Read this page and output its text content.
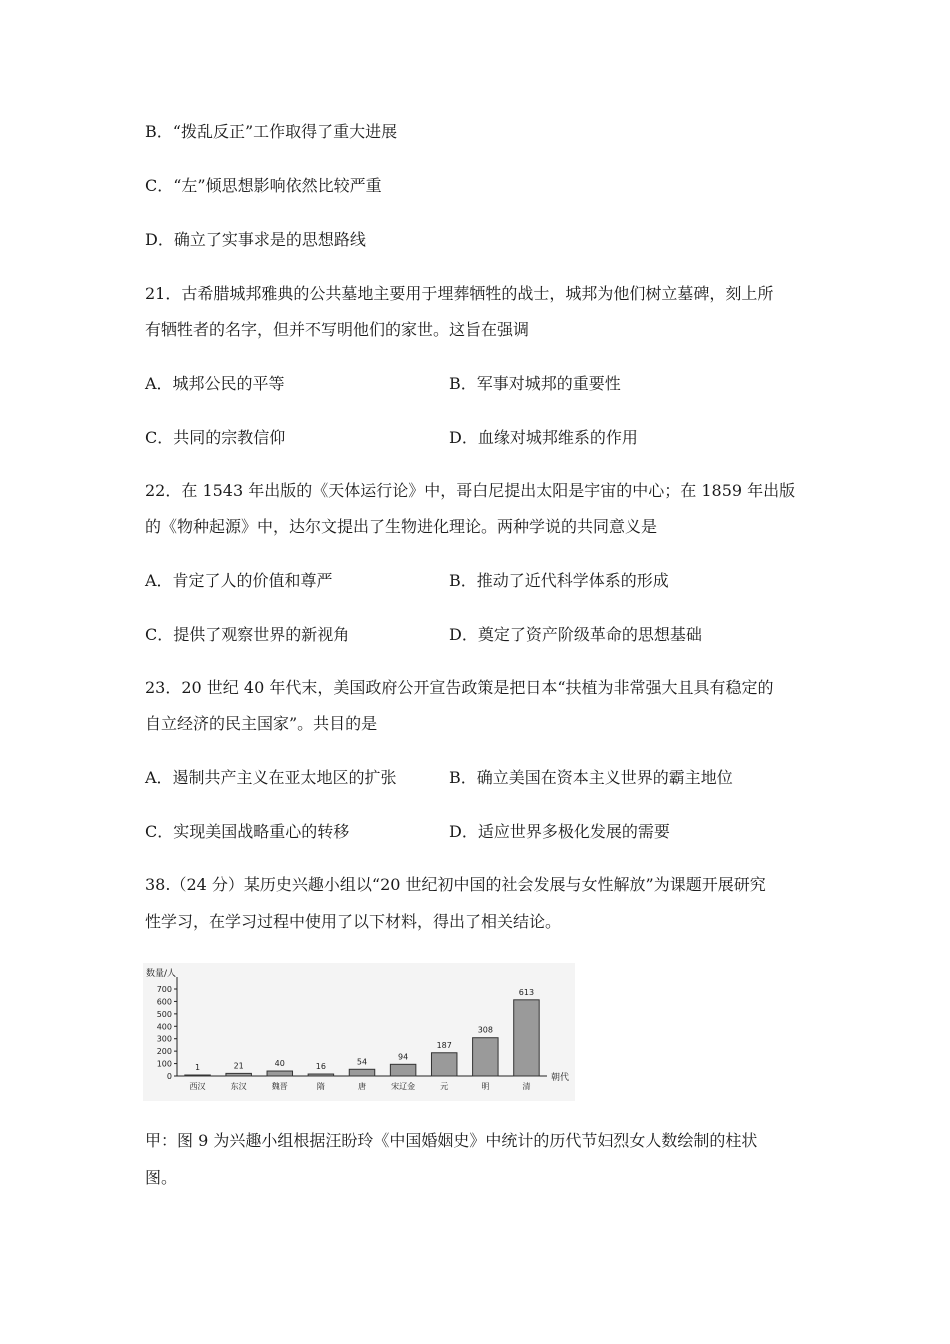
B．“拨乱反正”工作取得了重大进展
C．“左”倾思想影响依然比较严重
D．确立了实事求是的思想路线
21．古希腊城邦雅典的公共墓地主要用于埋葬牺牲的战士，城邦为他们树立墓碑，刻上所
有牺牲者的名字，但并不写明他们的家世。这旨在强调
A．城邦公民的平等	B．军事对城邦的重要性
C．共同的宗教信仰	D．血缘对城邦维系的作用
22．在 1543 年出版的《天体运行论》中，哥白尼提出太阳是宇宙的中心；在 1859 年出版
的《物种起源》中，达尔文提出了生物进化理论。两种学说的共同意义是
A．肯定了人的价值和尊严	B．推动了近代科学体系的形成
C．提供了观察世界的新视角	D．奠定了资产阶级革命的思想基础
23．20 世纪 40 年代末，美国政府公开宣告政策是把日本“扶植为非常强大且具有稳定的
自立经济的民主国家”。共目的是
A．遏制共产主义在亚太地区的扩张	B．确立美国在资本主义世界的霸主地位
C．实现美国战略重心的转移	D．适应世界多极化发展的需要
38.（24 分）某历史兴趣小组以“20 世纪初中国的社会发展与女性解放”为课题开展研究
性学习，在学习过程中使用了以下材料，得出了相关结论。
数量/人
朝代
0
100
200
300
400
500
600
700
1	21	40	16
54
94
187
308
613
西汉	东汉	魏晋	隋	唐	宋辽金	元	明	清
甲：图 9 为兴趣小组根据汪盼玲《中国婚姻史》中统计的历代节妇烈女人数绘制的柱状
图。
